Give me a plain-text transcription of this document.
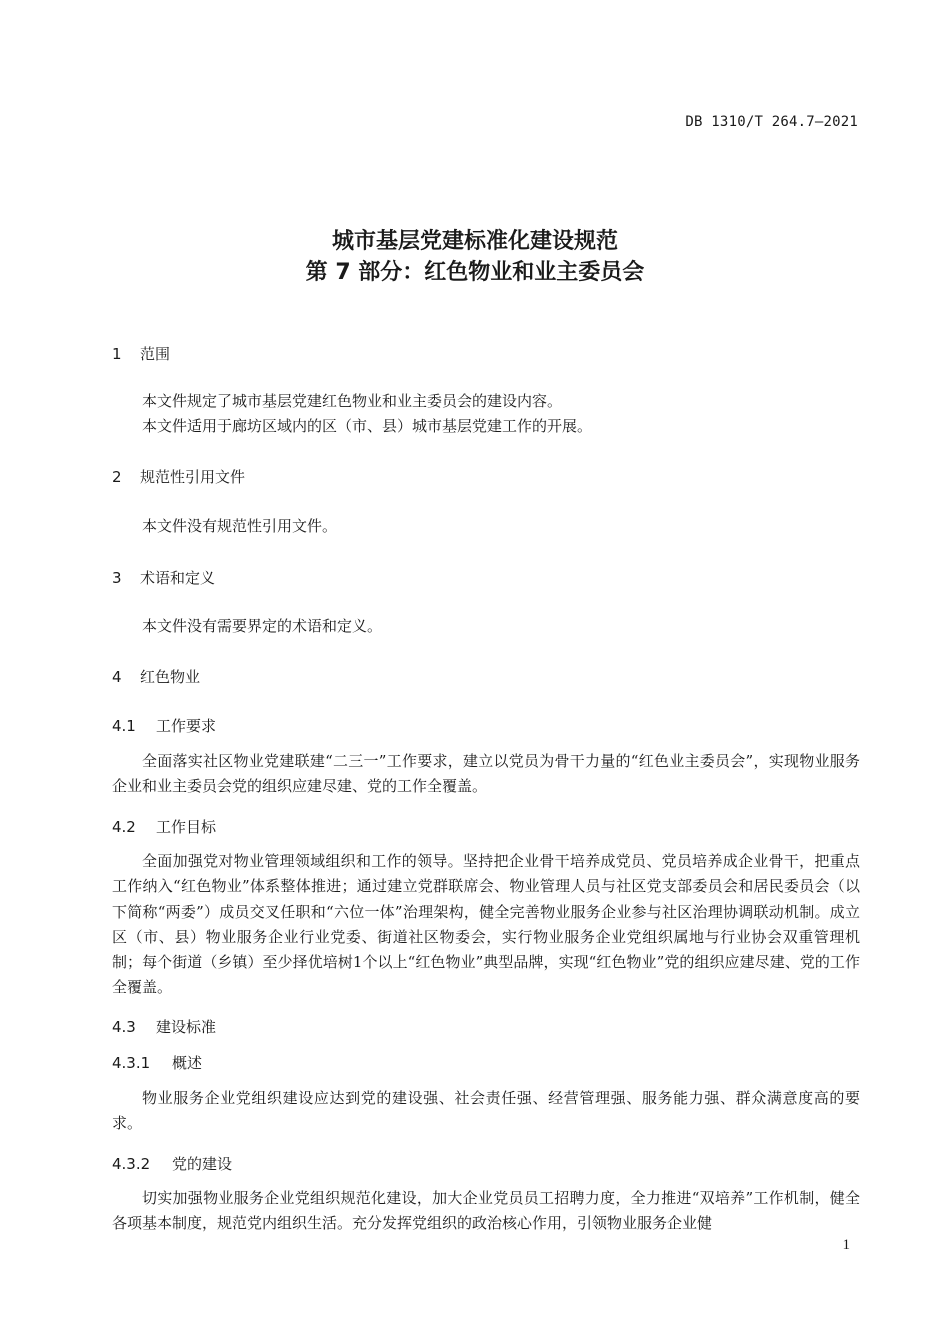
DB 1310/T 264.7—2021
城市基层党建标准化建设规范
第 7 部分：红色物业和业主委员会
1 范围
本文件规定了城市基层党建红色物业和业主委员会的建设内容。
本文件适用于廊坊区域内的区（市、县）城市基层党建工作的开展。
2 规范性引用文件
本文件没有规范性引用文件。
3 术语和定义
本文件没有需要界定的术语和定义。
4 红色物业
4.1 工作要求
全面落实社区物业党建联建“二三一”工作要求，建立以党员为骨干力量的“红色业主委员会”，实现物业服务企业和业主委员会党的组织应建尽建、党的工作全覆盖。
4.2 工作目标
全面加强党对物业管理领域组织和工作的领导。坚持把企业骨干培养成党员、党员培养成企业骨干，把重点工作纳入“红色物业”体系整体推进；通过建立党群联席会、物业管理人员与社区党支部委员会和居民委员会（以下简称“两委”）成员交叉任职和“六位一体”治理架构，健全完善物业服务企业参与社区治理协调联动机制。成立区（市、县）物业服务企业行业党委、街道社区物委会，实行物业服务企业党组织属地与行业协会双重管理机制；每个街道（乡镇）至少择优培树1个以上“红色物业”典型品牌，实现“红色物业”党的组织应建尽建、党的工作全覆盖。
4.3 建设标准
4.3.1 概述
物业服务企业党组织建设应达到党的建设强、社会责任强、经营管理强、服务能力强、群众满意度高的要求。
4.3.2 党的建设
切实加强物业服务企业党组织规范化建设，加大企业党员员工招聘力度，全力推进“双培养”工作机制，健全各项基本制度，规范党内组织生活。充分发挥党组织的政治核心作用，引领物业服务企业健
1
